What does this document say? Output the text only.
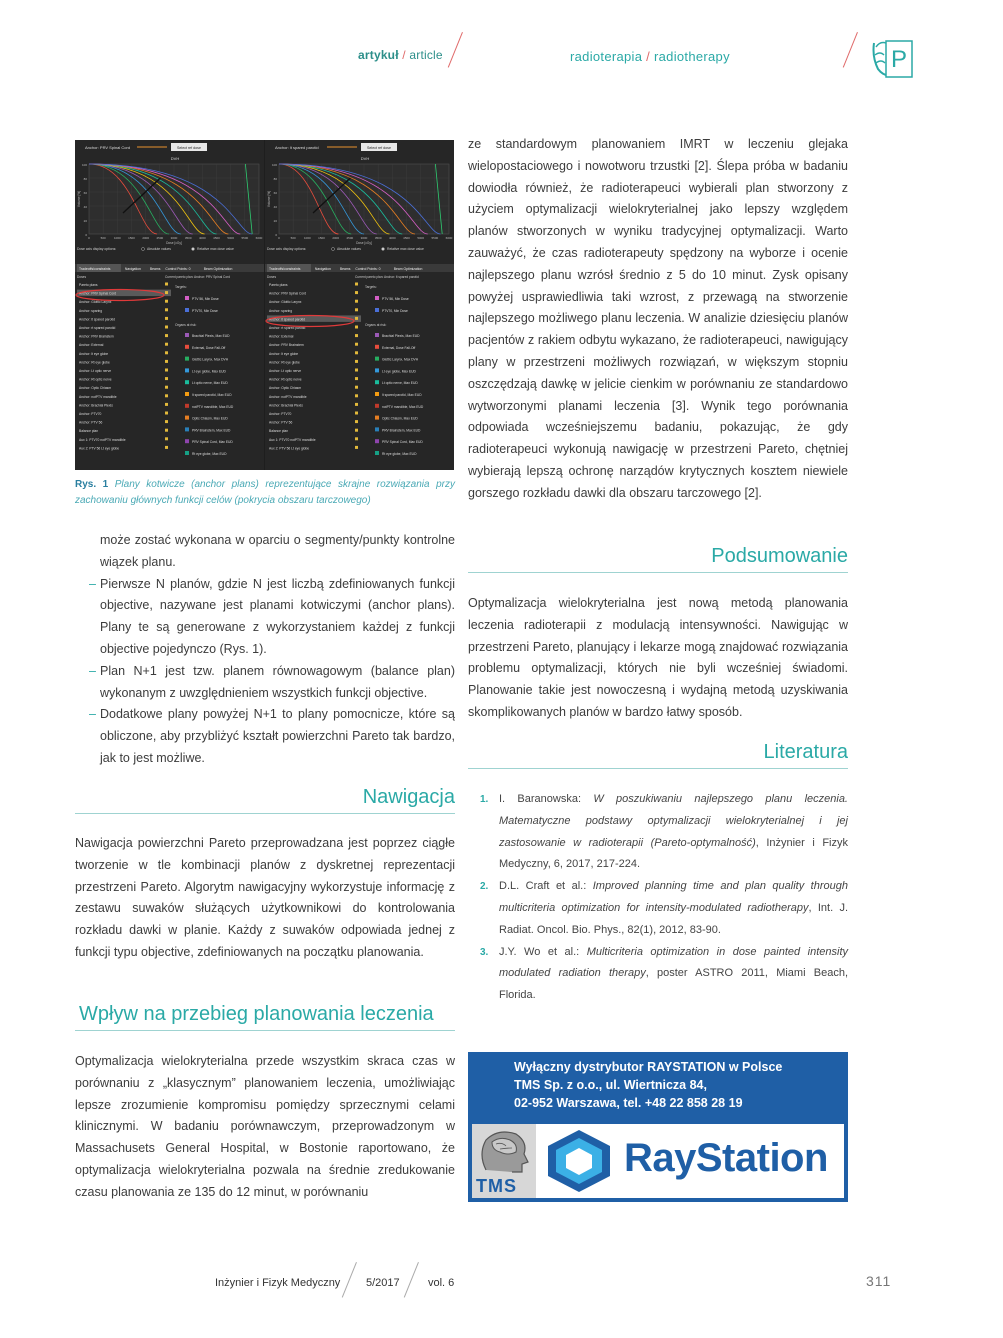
artykuł / article	radioterapia / radiotherapy	P
Anchor: PRV Spinal Cord	Select ref dose
DVH
100
80
60
40
20
0
0	500	1000 1500 2000 2500 3000 3500 4000 4500 5000 5500 6000
Dose [cGy]
Volume [%]
Dose axis display options:	Absolute values	Relative max dose value
Tradeoffs/constraints	Navigation	Beams Control Points: 0	Beam Optimization
Doses	Current pareto plan: Anchor: PRV Spinal Cord
Pareto plans
Anchor: PRV Spinal Cord
Anchor: Glottic Larynx
Anchor: sparing
Anchor: lt spared parotid
Anchor: rt spared parotid
Anchor: PRV Brainstem
Anchor: External
Anchor: lt eye globe
Anchor: Rt eye globe
Anchor: Lt optic nerve
Anchor: Rt optic nerve
Anchor: Optic Chiasm
Anchor: notPTV mandible
Anchor: Brachial Plexis
Anchor: PTV70
Anchor: PTV 56
Balance plan
Aux 1: PTV70 notPTV mandible
Aux 2: PTV 56 Lt eye globe
Targets:
PTV 56, Min Dose
PTV70, Min Dose
Organs at risk:
Brachial Plexis, Max EUD
External, Dose Fall-Off
Glottic Larynx, Max DVH
Lt eye globe, Max EUD
Lt optic nerve, Max EUD
lt spared parotid, Max EUD
notPTV mandible, Max EUD
Optic Chiasm, Max EUD
PRV Brainstem, Max EUD
PRV Spinal Cord, Max EUD
Rt eye globe, Max EUD
Anchor: lt spared parotid	Select ref dose
DVH
100
80
60
40
20
0
0	500	1000 1500 2000 2500 3000 3500 4000 4500 5000 5500 6000
Dose [cGy]
Volume [%]
Dose axis display options:	Absolute values	Relative max dose value
Tradeoffs/constraints	Navigation	Beams Control Points: 0	Beam Optimization
Doses	Current pareto plan: Anchor: lt spared parotid
Pareto plans
Anchor: PRV Spinal Cord
Anchor: Glottic Larynx
Anchor: sparing
Anchor: lt spared parotid
Anchor: rt spared parotid
Anchor: External
Anchor: PRV Brainstem
Anchor: lt eye globe
Anchor: Rt eye globe
Anchor: Lt optic nerve
Anchor: Rt optic nerve
Anchor: Optic Chiasm
Anchor: notPTV mandible
Anchor: Brachial Plexis
Anchor: PTV70
Anchor: PTV 56
Balance plan
Aux 1: PTV70 notPTV mandible
Aux 2: PTV 56 Lt eye globe
Targets:
PTV 56, Min Dose
PTV70, Min Dose
Organs at risk:
Brachial Plexis, Max EUD
External, Dose Fall-Off
Glottic Larynx, Max DVH
Lt eye globe, Max EUD
Lt optic nerve, Max EUD
lt spared parotid, Max EUD
notPTV mandible, Max EUD
Optic Chiasm, Max EUD
PRV Brainstem, Max EUD
PRV Spinal Cord, Max EUD
Rt eye globe, Max EUD
Rys. 1 Plany kotwicze (anchor plans) reprezentujące skrajne rozwiązania przy zachowaniu głównych funkcji celów (pokrycia obszaru tarczowego)
może zostać wykonana w oparciu o segmenty/punkty kontrolne wiązek planu.
– Pierwsze N planów, gdzie N jest liczbą zdefiniowanych funkcji objective, nazywane jest planami kotwiczymi (anchor plans). Plany te są generowane z wykorzystaniem każdej z funkcji objective pojedynczo (Rys. 1).
– Plan N+1 jest tzw. planem równowagowym (balance plan) wykonanym z uwzględnieniem wszystkich funkcji objective.
– Dodatkowe plany powyżej N+1 to plany pomocnicze, które są obliczone, aby przybliżyć kształt powierzchni Pareto tak bardzo, jak to jest możliwe.
Nawigacja
Nawigacja powierzchni Pareto przeprowadzana jest poprzez ciągłe tworzenie w tle kombinacji planów z dyskretnej reprezentacji przestrzeni Pareto. Algorytm nawigacyjny wykorzystuje informację z zestawu suwaków służących użytkownikowi do kontrolowania rozkładu dawki w planie. Każdy z suwaków odpowiada jednej z funkcji typu objective, zdefiniowanych na początku planowania.
Wpływ na przebieg planowania leczenia
Optymalizacja wielokryterialna przede wszystkim skraca czas w porównaniu z „klasycznym” planowaniem leczenia, umożliwiając lepsze zrozumienie kompromisu pomiędzy sprzecznymi celami klinicznymi. W badaniu porównawczym, przeprowadzonym w Massachusets General Hospital, w Bostonie raportowano, że optymalizacja wielokryterialna pozwala na średnie zredukowanie czasu planowania ze 135 do 12 minut, w porównaniu
ze standardowym planowaniem IMRT w leczeniu glejaka wielopostaciowego i nowotworu trzustki [2]. Ślepa próba w badaniu dowiodła również, że radioterapeuci wybierali plan stworzony z użyciem optymalizacji wielokryterialnej jako lepszy względem planów stworzonych w wyniku tradycyjnej optymalizacji. Warto zauważyć, że czas radioterapeuty spędzony na wyborze i ocenie najlepszego planu wzrósł średnio z 5 do 10 minut. Zysk opisany powyżej usprawiedliwia taki wzrost, z przewagą na stworzenie najlepszego możliwego planu leczenia. W analizie dziesięciu planów pacjentów z rakiem odbytu wykazano, że radioterapeuci, nawigujący plany w przestrzeni możliwych rozwiązań, w większym stopniu oszczędzają dawkę w jelicie cienkim w porównaniu ze standardowo wytworzonymi planami leczenia [3]. Wynik tego porównania odpowiada wcześniejszemu badaniu, pokazując, że gdy radioterapeuci wykonują nawigację w przestrzeni Pareto, chętniej wybierają lepszą ochronę narządów krytycznych kosztem niewiele gorszego rozkładu dawki dla obszaru tarczowego [2].
Podsumowanie
Optymalizacja wielokryterialna jest nową metodą planowania leczenia radioterapii z modulacją intensywności. Nawigując w przestrzeni Pareto, planujący i lekarze mogą znajdować rozwiązania problemu optymalizacji, których nie byli wcześniej świadomi. Planowanie takie jest nowoczesną i wydajną metodą uzyskiwania skomplikowanych planów w bardzo łatwy sposób.
Literatura
1. I. Baranowska: W poszukiwaniu najlepszego planu leczenia. Matematyczne podstawy optymalizacji wielokryterialnej i jej zastosowanie w radioterapii (Pareto-optymalność), Inżynier i Fizyk Medyczny, 6, 2017, 217-224.
2. D.L. Craft et al.: Improved planning time and plan quality through multicriteria optimization for intensity-modulated radiotherapy, Int. J. Radiat. Oncol. Bio. Phys., 82(1), 2012, 83-90.
3. J.Y. Wo et al.: Multicriteria optimization in dose painted intensity modulated radiation therapy, poster ASTRO 2011, Miami Beach, Florida.
Wyłączny dystrybutor RAYSTATION w Polsce
TMS Sp. z o.o., ul. Wiertnicza 84,
02-952 Warszawa, tel. +48 22 858 28 19
TMS
RayStation
Inżynier i Fizyk Medyczny 5/2017	vol. 6	311
